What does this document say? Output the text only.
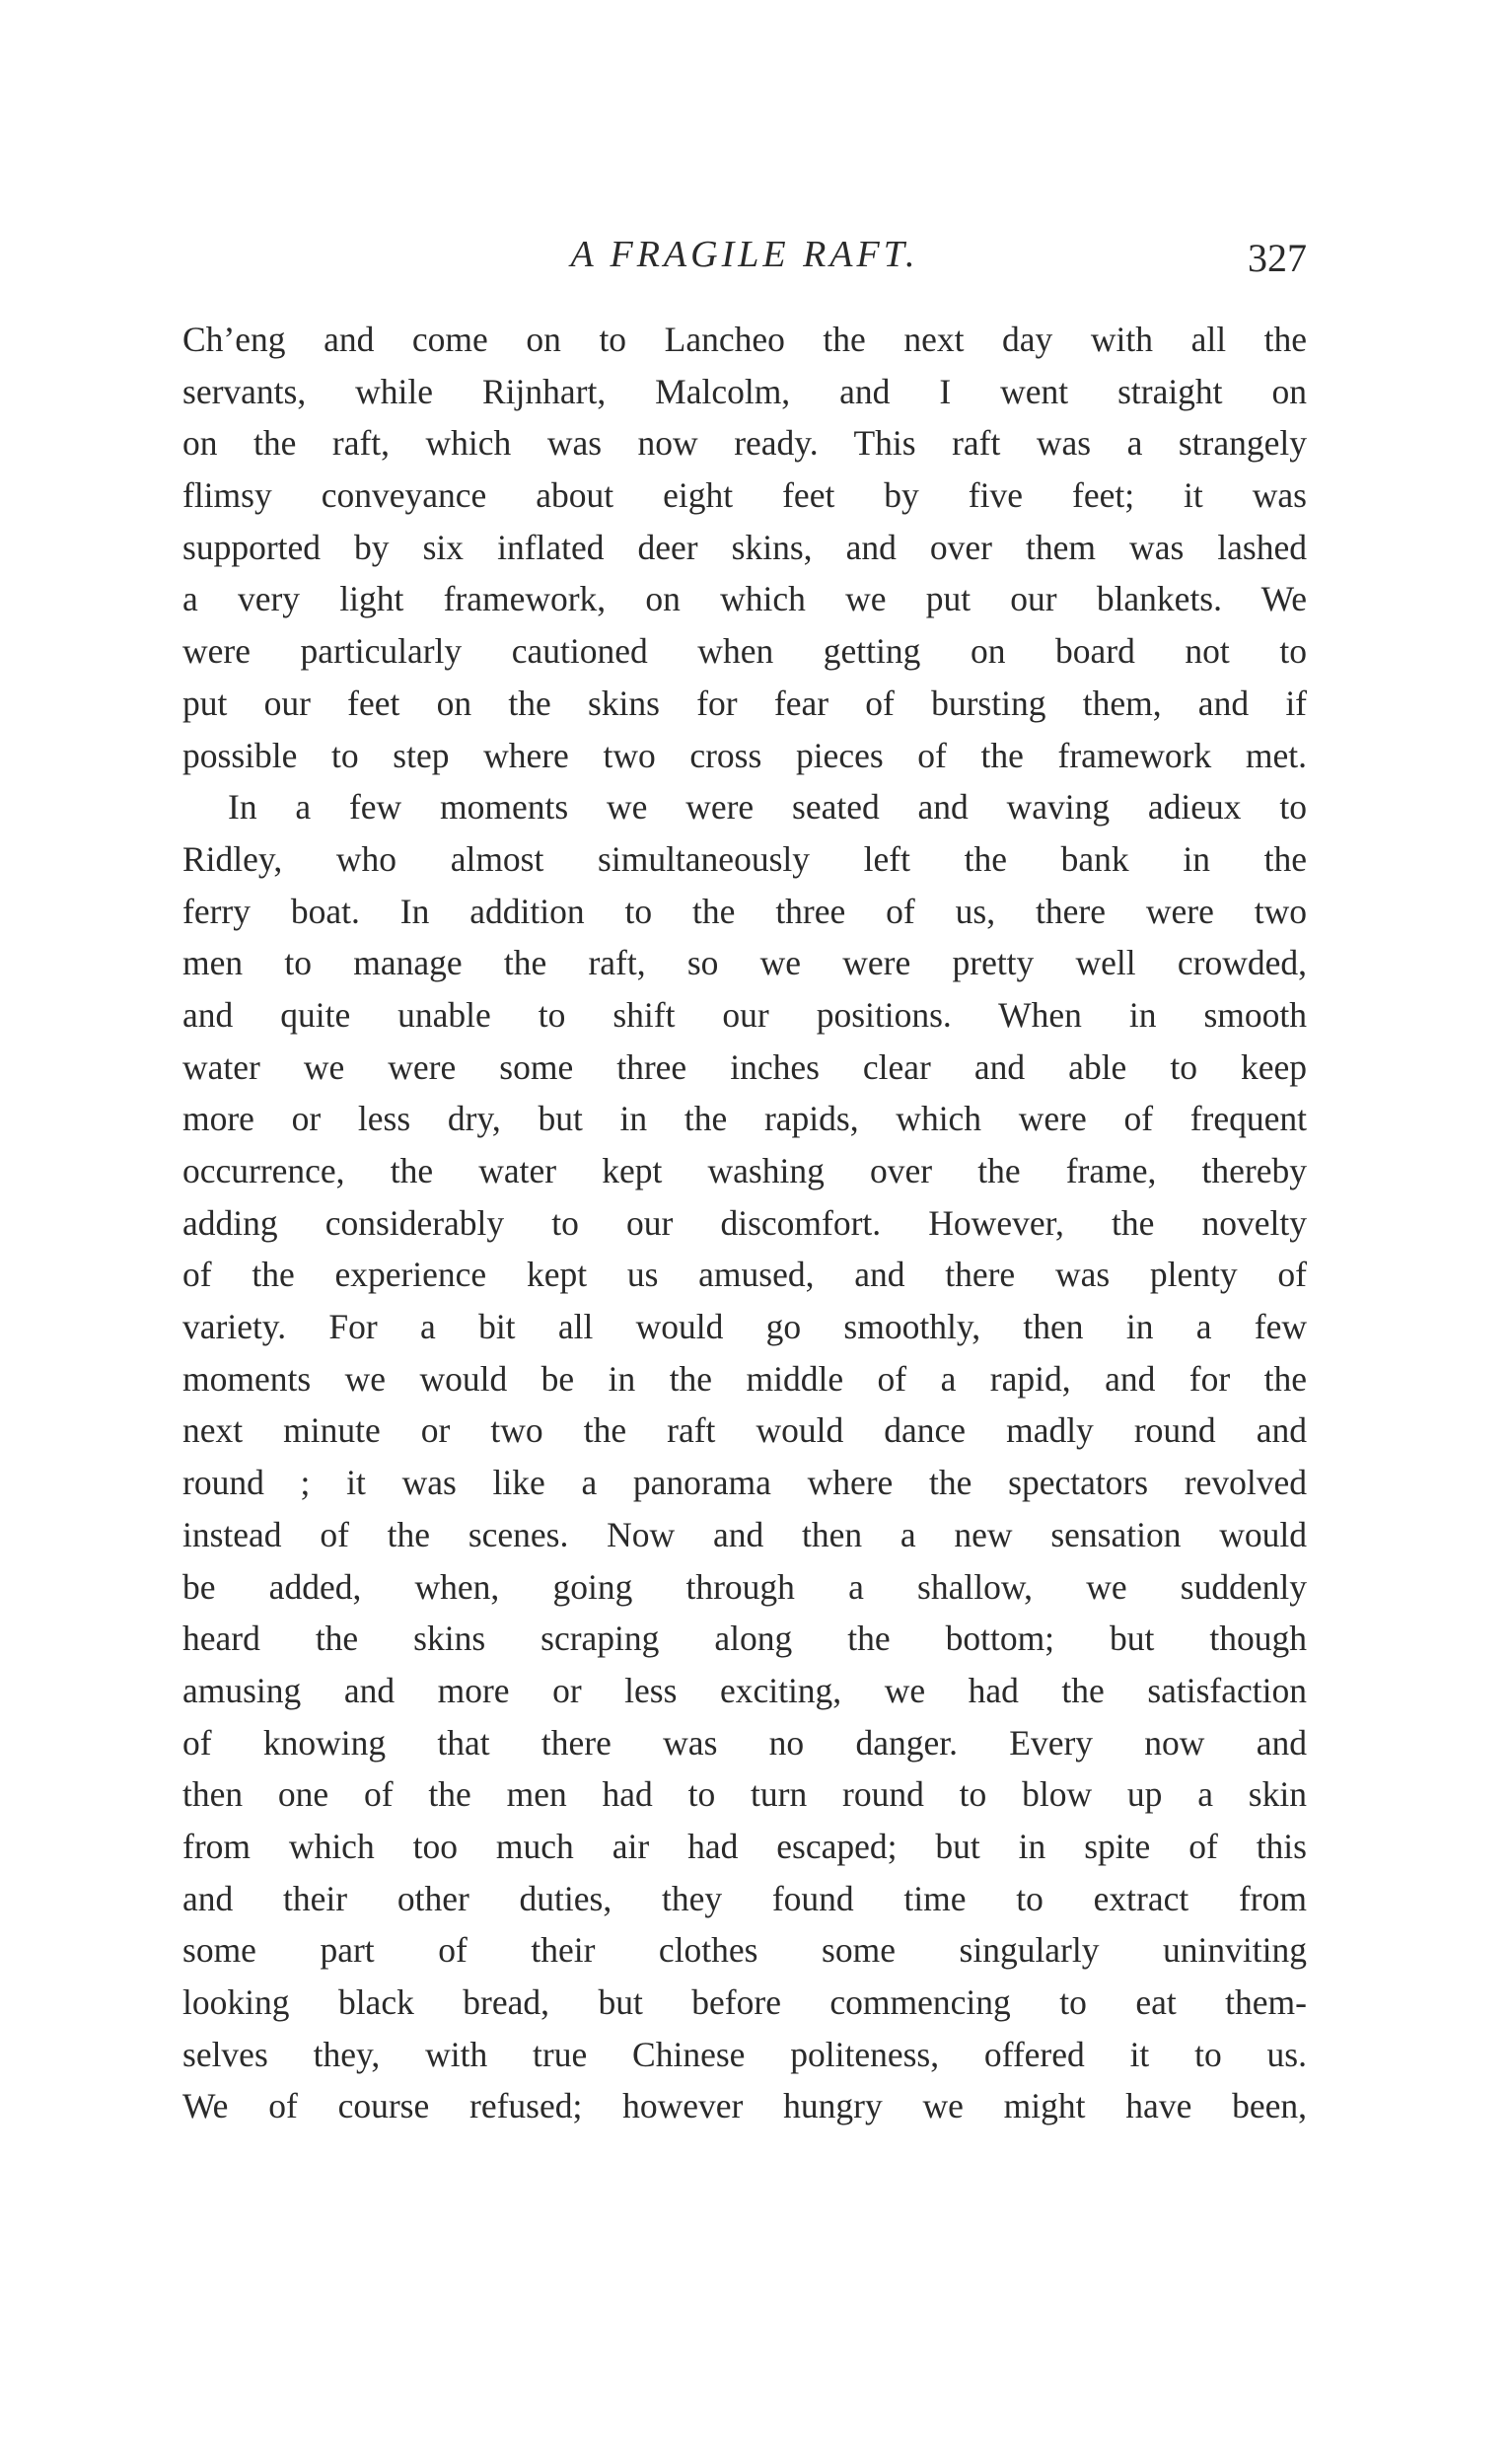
A FRAGILE RAFT.	327
Ch’eng and come on to Lancheo the next day with all the
servants, while Rijnhart, Malcolm, and I went straight on
on the raft, which was now ready. This raft was a strangely
flimsy conveyance about eight feet by five feet; it was
supported by six inflated deer skins, and over them was lashed
a very light framework, on which we put our blankets. We
were particularly cautioned when getting on board not to
put our feet on the skins for fear of bursting them, and if
possible to step where two cross pieces of the framework met.
In a few moments we were seated and waving adieux to
Ridley, who almost simultaneously left the bank in the
ferry boat. In addition to the three of us, there were two
men to manage the raft, so we were pretty well crowded,
and quite unable to shift our positions. When in smooth
water we were some three inches clear and able to keep
more or less dry, but in the rapids, which were of frequent
occurrence, the water kept washing over the frame, thereby
adding considerably to our discomfort. However, the novelty
of the experience kept us amused, and there was plenty of
variety. For a bit all would go smoothly, then in a few
moments we would be in the middle of a rapid, and for the
next minute or two the raft would dance madly round and
round ; it was like a panorama where the spectators revolved
instead of the scenes. Now and then a new sensation would
be added, when, going through a shallow, we suddenly
heard the skins scraping along the bottom; but though
amusing and more or less exciting, we had the satisfaction
of knowing that there was no danger. Every now and
then one of the men had to turn round to blow up a skin
from which too much air had escaped; but in spite of this
and their other duties, they found time to extract from
some part of their clothes some singularly uninviting
looking black bread, but before commencing to eat them-
selves they, with true Chinese politeness, offered it to us.
We of course refused; however hungry we might have been,
